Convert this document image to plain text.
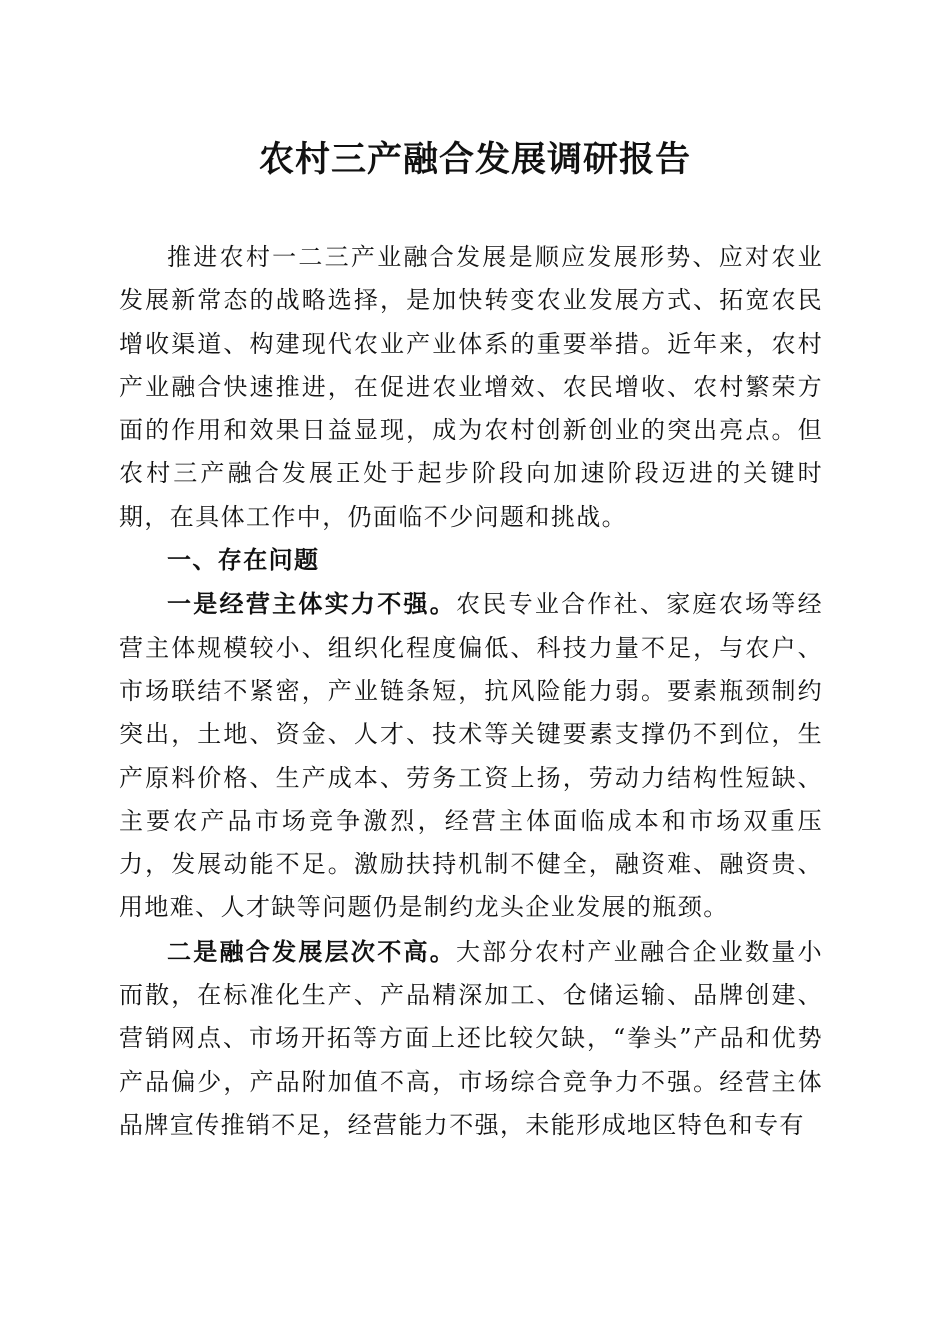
农村三产融合发展调研报告

推进农村一二三产业融合发展是顺应发展形势、应对农业发展新常态的战略选择，是加快转变农业发展方式、拓宽农民增收渠道、构建现代农业产业体系的重要举措。近年来，农村产业融合快速推进，在促进农业增效、农民增收、农村繁荣方面的作用和效果日益显现，成为农村创新创业的突出亮点。但农村三产融合发展正处于起步阶段向加速阶段迈进的关键时期，在具体工作中，仍面临不少问题和挑战。

一、存在问题

一是经营主体实力不强。农民专业合作社、家庭农场等经营主体规模较小、组织化程度偏低、科技力量不足，与农户、市场联结不紧密，产业链条短，抗风险能力弱。要素瓶颈制约突出，土地、资金、人才、技术等关键要素支撑仍不到位，生产原料价格、生产成本、劳务工资上扬，劳动力结构性短缺、主要农产品市场竞争激烈，经营主体面临成本和市场双重压力，发展动能不足。激励扶持机制不健全，融资难、融资贵、用地难、人才缺等问题仍是制约龙头企业发展的瓶颈。

二是融合发展层次不高。大部分农村产业融合企业数量小而散，在标准化生产、产品精深加工、仓储运输、品牌创建、营销网点、市场开拓等方面上还比较欠缺，“拳头”产品和优势产品偏少，产品附加值不高，市场综合竞争力不强。经营主体品牌宣传推销不足，经营能力不强，未能形成地区特色和专有
